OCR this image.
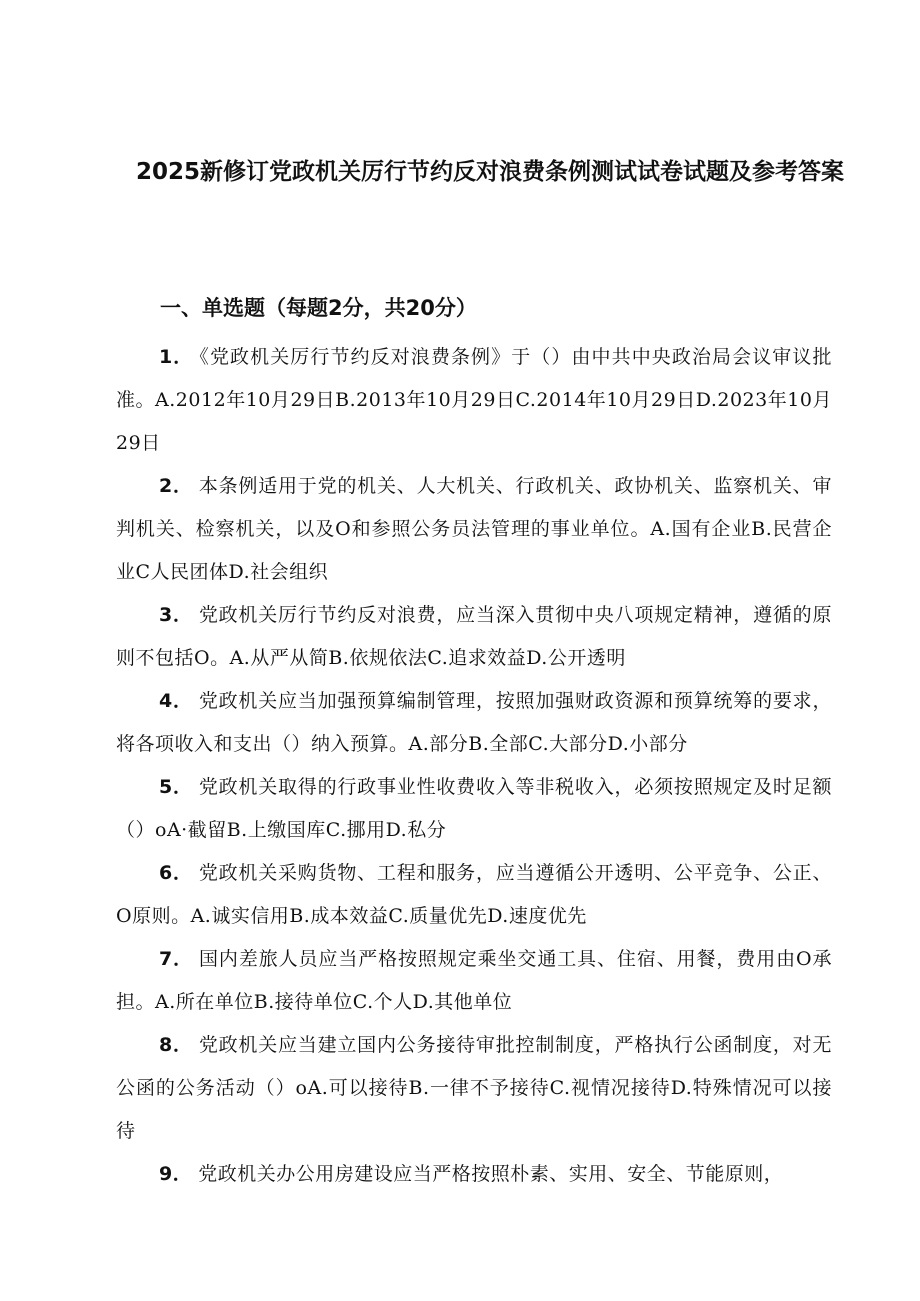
2025新修订党政机关厉行节约反对浪费条例测试试卷试题及参考答案
一、单选题（每题2分，共20分）
1． 《党政机关厉行节约反对浪费条例》于（）由中共中央政治局会议审议批准。A.2012年10月29日B.2013年10月29日C.2014年10月29日D.2023年10月29日
2． 本条例适用于党的机关、人大机关、行政机关、政协机关、监察机关、审判机关、检察机关，以及O和参照公务员法管理的事业单位。A.国有企业B.民营企业C人民团体D.社会组织
3． 党政机关厉行节约反对浪费，应当深入贯彻中央八项规定精神，遵循的原则不包括O。A.从严从简B.依规依法C.追求效益D.公开透明
4． 党政机关应当加强预算编制管理，按照加强财政资源和预算统筹的要求，将各项收入和支出（）纳入预算。A.部分B.全部C.大部分D.小部分
5． 党政机关取得的行政事业性收费收入等非税收入，必须按照规定及时足额（）oA·截留B.上缴国库C.挪用D.私分
6． 党政机关采购货物、工程和服务，应当遵循公开透明、公平竞争、公正、O原则。A.诚实信用B.成本效益C.质量优先D.速度优先
7． 国内差旅人员应当严格按照规定乘坐交通工具、住宿、用餐，费用由O承担。A.所在单位B.接待单位C.个人D.其他单位
8． 党政机关应当建立国内公务接待审批控制制度，严格执行公函制度，对无公函的公务活动（）oA.可以接待B.一律不予接待C.视情况接待D.特殊情况可以接待
9． 党政机关办公用房建设应当严格按照朴素、实用、安全、节能原则，
